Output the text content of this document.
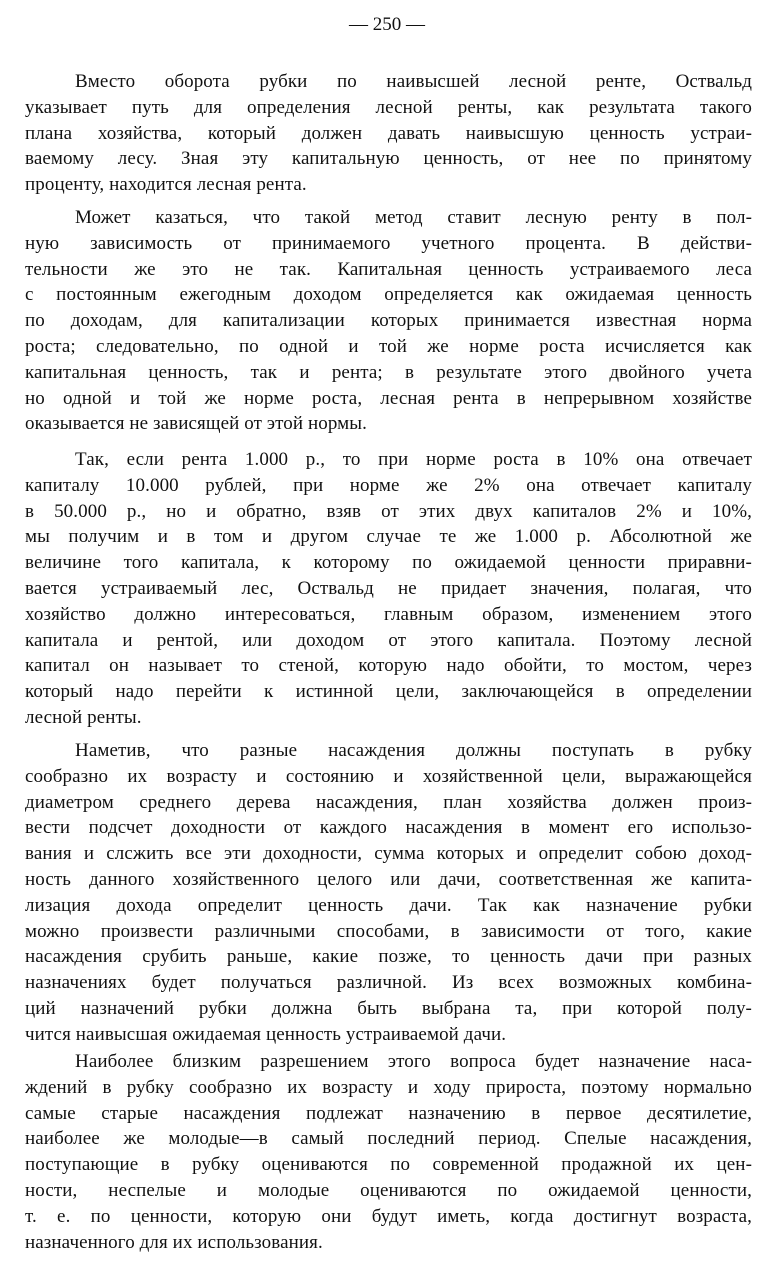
— 250 —
Вместо оборота рубки по наивысшей лесной ренте, Оствальд
указывает путь для определения лесной ренты, как результата такого
плана хозяйства, который должен давать наивысшую ценность устраи-
ваемому лесу. Зная эту капитальную ценность, от нее по принятому
проценту, находится лесная рента.
Может казаться, что такой метод ставит лесную ренту в пол-
ную зависимость от принимаемого учетного процента. В действи-
тельности же это не так. Капитальная ценность устраиваемого леса
с постоянным ежегодным доходом определяется как ожидаемая ценность
по доходам, для капитализации которых принимается известная норма
роста; следовательно, по одной и той же норме роста исчисляется как
капитальная ценность, так и рента; в результате этого двойного учета
но одной и той же норме роста, лесная рента в непрерывном хозяйстве
оказывается не зависящей от этой нормы.
Так, если рента 1.000 р., то при норме роста в 10% она отвечает
капиталу 10.000 рублей, при норме же 2% она отвечает капиталу
в 50.000 р., но и обратно, взяв от этих двух капиталов 2% и 10%,
мы получим и в том и другом случае те же 1.000 р. Абсолютной же
величине того капитала, к которому по ожидаемой ценности приравни-
вается устраиваемый лес, Оствальд не придает значения, полагая, что
хозяйство должно интересоваться, главным образом, изменением этого
капитала и рентой, или доходом от этого капитала. Поэтому лесной
капитал он называет то стеной, которую надо обойти, то мостом, через
который надо перейти к истинной цели, заключающейся в определении
лесной ренты.
Наметив, что разные насаждения должны поступать в рубку
сообразно их возрасту и состоянию и хозяйственной цели, выражающейся
диаметром среднего дерева насаждения, план хозяйства должен произ-
вести подсчет доходности от каждого насаждения в момент его использо-
вания и слсжить все эти доходности, сумма которых и определит собою доход-
ность данного хозяйственного целого или дачи, соответственная же капита-
лизация дохода определит ценность дачи. Так как назначение рубки
можно произвести различными способами, в зависимости от того, какие
насаждения срубить раньше, какие позже, то ценность дачи при разных
назначениях будет получаться различной. Из всех возможных комбина-
ций назначений рубки должна быть выбрана та, при которой полу-
чится наивысшая ожидаемая ценность устраиваемой дачи.
Наиболее близким разрешением этого вопроса будет назначение наса-
ждений в рубку сообразно их возрасту и ходу прироста, поэтому нормально
самые старые насаждения подлежат назначению в первое десятилетие,
наиболее же молодые—в самый последний период. Спелые насаждения,
поступающие в рубку оцениваются по современной продажной их цен-
ности, неспелые и молодые оцениваются по ожидаемой ценности,
т. е. по ценности, которую они будут иметь, когда достигнут возраста,
назначенного для их использования.
